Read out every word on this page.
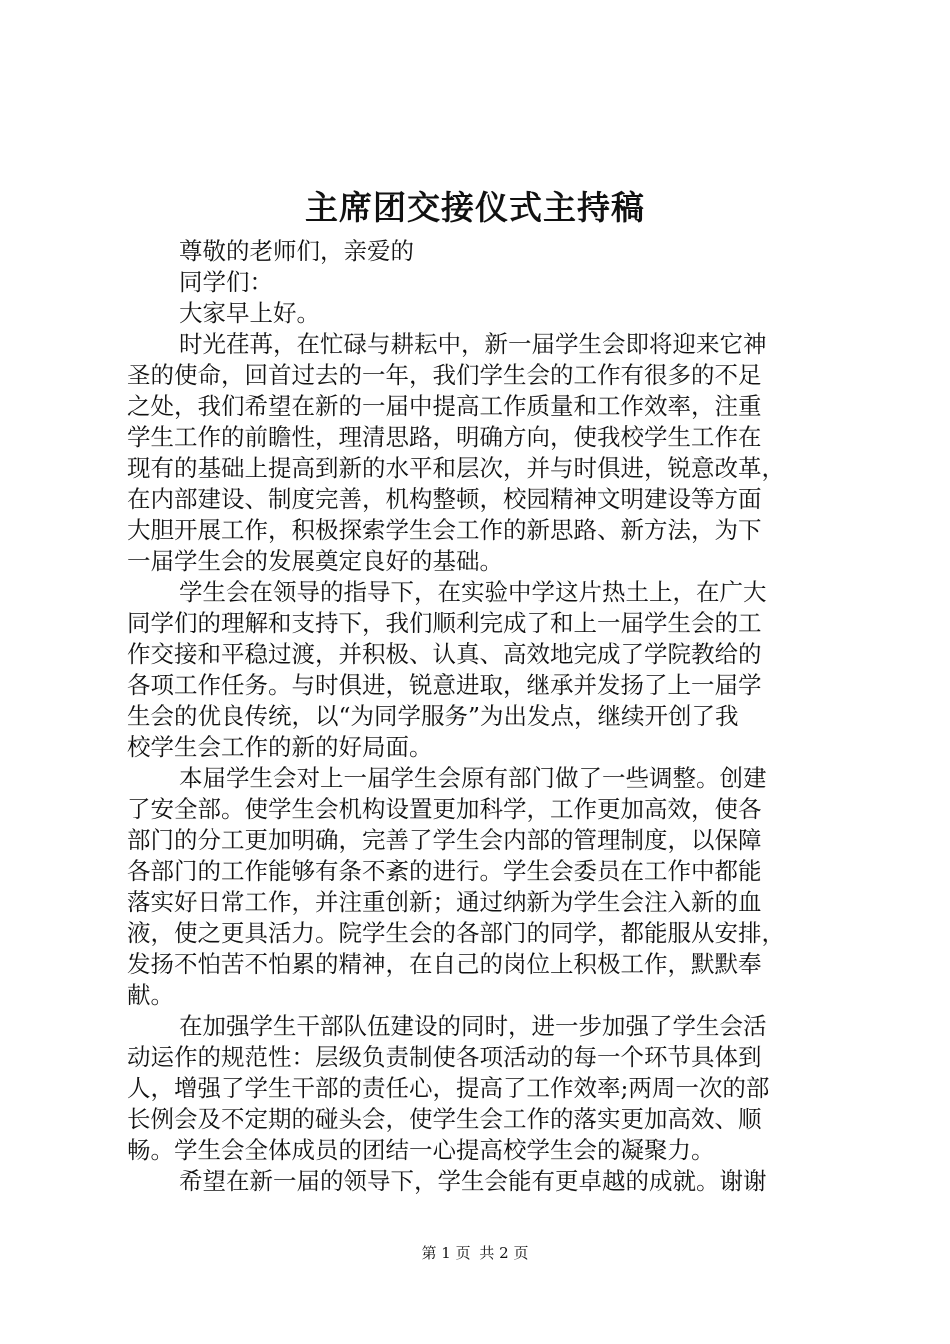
主席团交接仪式主持稿

尊敬的老师们，亲爱的

同学们：

大家早上好。

时光荏苒，在忙碌与耕耘中，新一届学生会即将迎来它神

圣的使命，回首过去的一年，我们学生会的工作有很多的不足

之处，我们希望在新的一届中提高工作质量和工作效率，注重

学生工作的前瞻性，理清思路，明确方向，使我校学生工作在

现有的基础上提高到新的水平和层次，并与时俱进，锐意改革，

在内部建设、制度完善，机构整顿，校园精神文明建设等方面

大胆开展工作，积极探索学生会工作的新思路、新方法，为下

一届学生会的发展奠定良好的基础。

学生会在领导的指导下，在实验中学这片热土上，在广大

同学们的理解和支持下，我们顺利完成了和上一届学生会的工

作交接和平稳过渡，并积极、认真、高效地完成了学院教给的

各项工作任务。与时俱进，锐意进取，继承并发扬了上一届学

生会的优良传统，以“为同学服务”为出发点，继续开创了我

校学生会工作的新的好局面。

本届学生会对上一届学生会原有部门做了一些调整。创建

了安全部。使学生会机构设置更加科学，工作更加高效，使各

部门的分工更加明确，完善了学生会内部的管理制度，以保障

各部门的工作能够有条不紊的进行。学生会委员在工作中都能

落实好日常工作，并注重创新；通过纳新为学生会注入新的血

液，使之更具活力。院学生会的各部门的同学，都能服从安排，

发扬不怕苦不怕累的精神，在自己的岗位上积极工作，默默奉

献。

在加强学生干部队伍建设的同时，进一步加强了学生会活

动运作的规范性：层级负责制使各项活动的每一个环节具体到

人，增强了学生干部的责任心，提高了工作效率;两周一次的部

长例会及不定期的碰头会，使学生会工作的落实更加高效、顺

畅。学生会全体成员的团结一心提高校学生会的凝聚力。

希望在新一届的领导下，学生会能有更卓越的成就。谢谢

第 1 页 共 2 页
